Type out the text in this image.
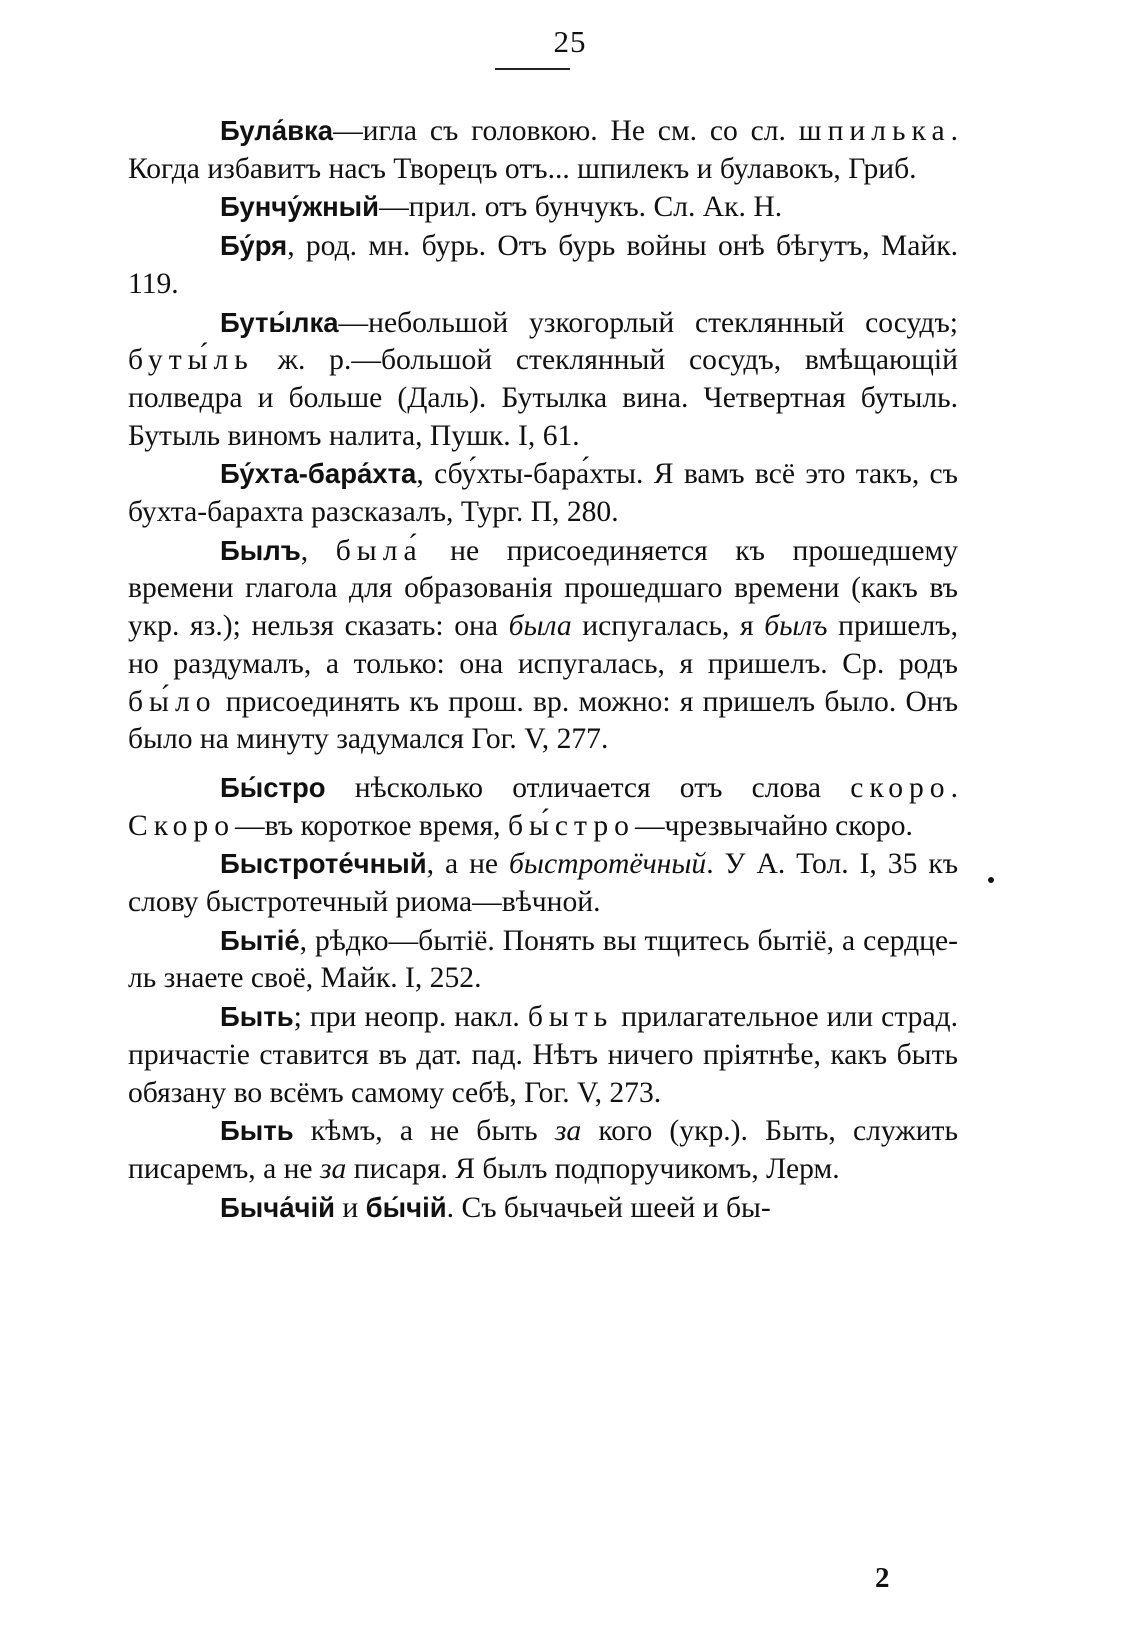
25

Була́вка—игла съ головкою. Не см. со сл. шпилька. Когда избавитъ насъ Творецъ отъ... шпилекъ и булавокъ, Гриб.

Бунчу́жный—прил. отъ бунчукъ. Сл. Ак. Н.

Бу́ря, род. мн. бурь. Отъ бурь войны онѣ бѣгутъ, Майк. 119.

Буты́лка—небольшой узкогорлый стеклянный сосудъ; буты́ль ж. р.—большой стеклянный сосудъ, вмѣщающій полведра и больше (Даль). Бутылка вина. Четвертная бутыль. Бутыль виномъ налита, Пушк. I, 61.

Бу́хта-бара́хта, сбу́хты-бара́хты. Я вамъ всё это такъ, съ бухта-барахта разсказалъ, Тург. П, 280.

Былъ, была́ не присоединяется къ прошедшему времени глагола для образованія прошедшаго времени (какъ въ укр. яз.); нельзя сказать: она была испугалась, я былъ пришелъ, но раздумалъ, а только: она испугалась, я пришелъ. Ср. родъ бы́ло присоединять къ прош. вр. можно: я пришелъ было. Онъ было на минуту задумался Гог. V, 277.

Бы́стро нѣсколько отличается отъ слова скоро. Скоро—въ короткое время, бы́стро—чрезвычайно скоро.

Быстроте́чный, а не быстротёчный. У А. Тол. I, 35 къ слову быстротечный риома—вѣчной.

Бытіе́, рѣдко—бытіё. Понять вы тщитесь бытіё, а сердце-ль знаете своё, Майк. I, 252.

Быть; при неопр. накл. быть прилагательное или страд. причастіе ставится въ дат. пад. Нѣтъ ничего пріятнѣе, какъ быть обязану во всёмъ самому себѣ, Гог. V, 273.

Быть кѣмъ, а не быть за кого (укр.). Быть, служить писаремъ, а не за писаря. Я былъ подпоручикомъ, Лерм.

Быча́чій и бы́чій. Съ бычачьей шеей и бы-

2
